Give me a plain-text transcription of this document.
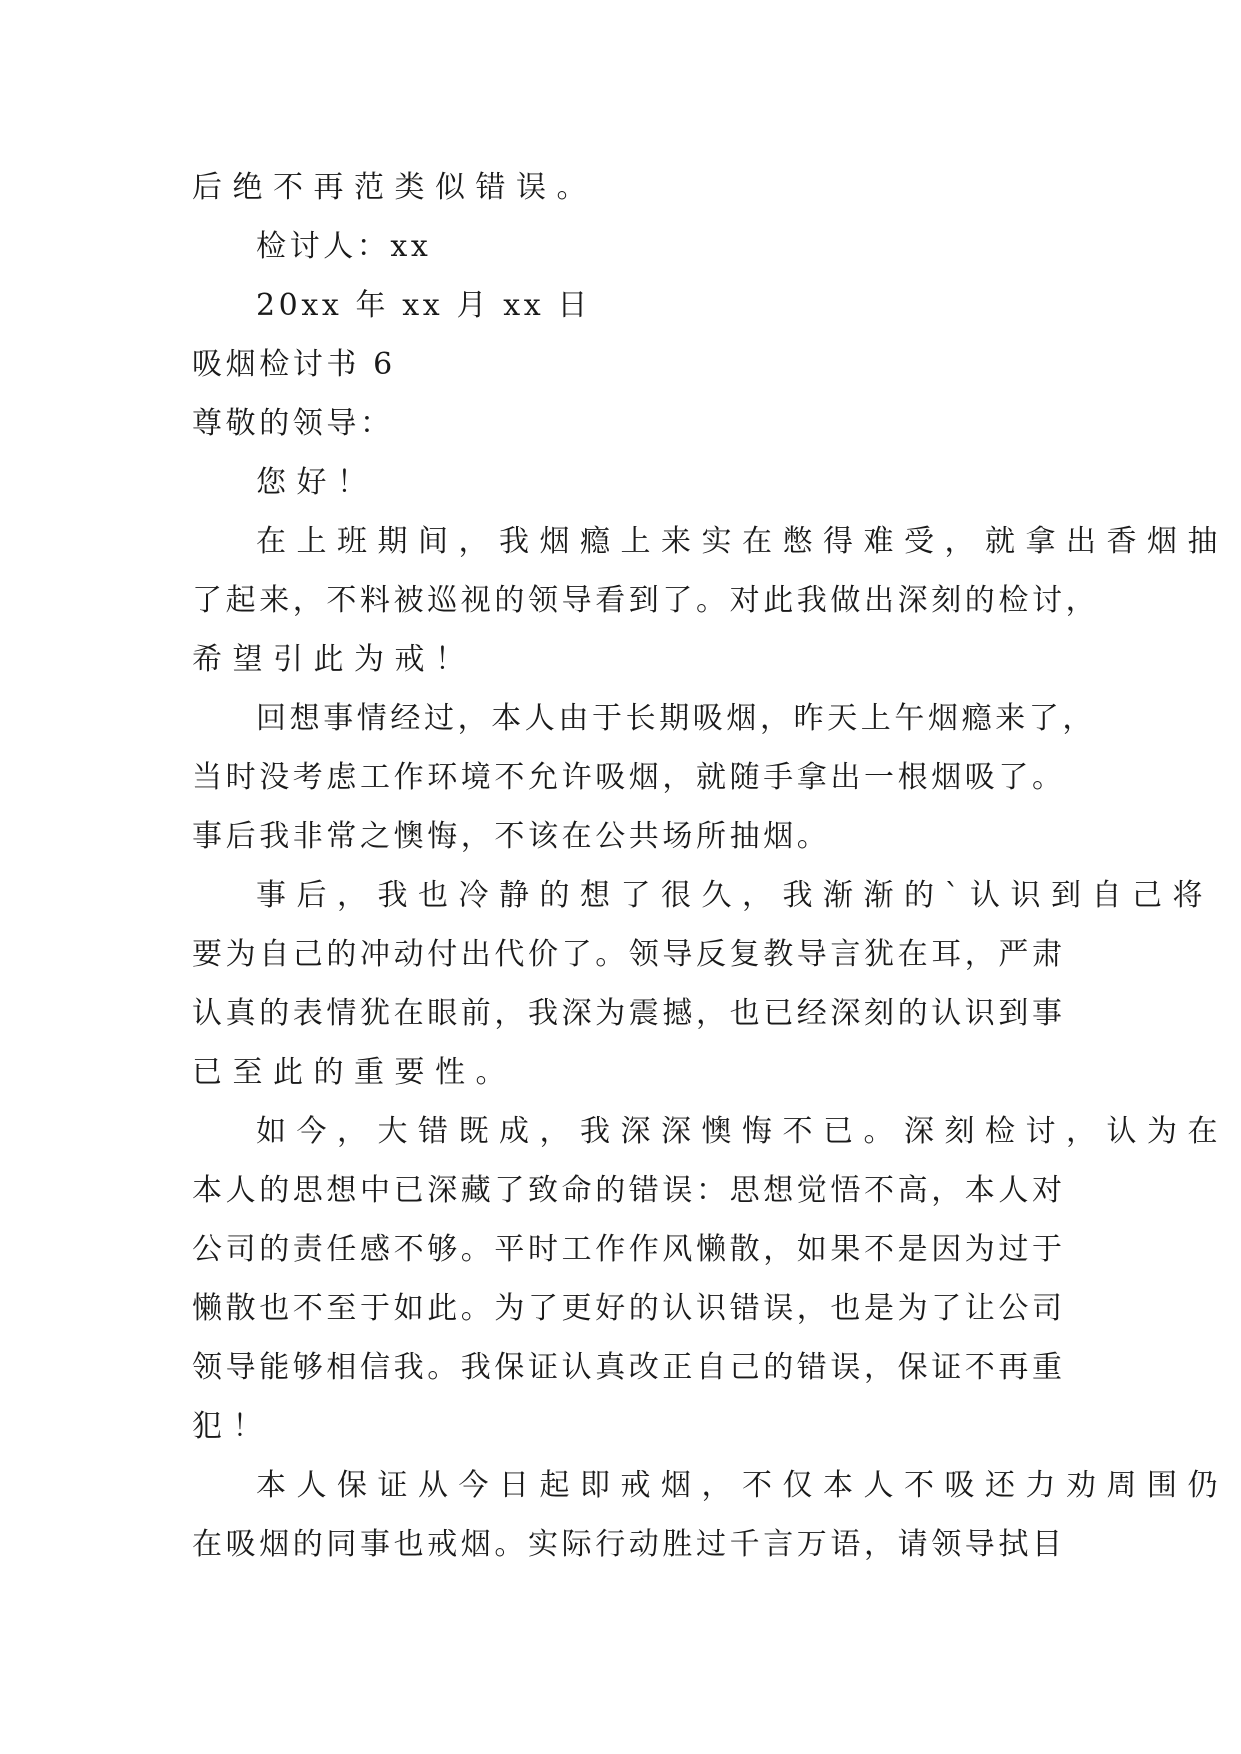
后绝不再范类似错误。
检讨人：xx
20xx 年 xx 月 xx 日
吸烟检讨书 6
尊敬的领导：
您好！
在上班期间，我烟瘾上来实在憋得难受，就拿出香烟抽
了起来，不料被巡视的领导看到了。对此我做出深刻的检讨，
希望引此为戒！
回想事情经过，本人由于长期吸烟，昨天上午烟瘾来了，
当时没考虑工作环境不允许吸烟，就随手拿出一根烟吸了。
事后我非常之懊悔，不该在公共场所抽烟。
事后，我也冷静的想了很久，我渐渐的`认识到自己将
要为自己的冲动付出代价了。领导反复教导言犹在耳，严肃
认真的表情犹在眼前，我深为震撼，也已经深刻的认识到事
已至此的重要性。
如今，大错既成，我深深懊悔不已。深刻检讨，认为在
本人的思想中已深藏了致命的错误：思想觉悟不高，本人对
公司的责任感不够。平时工作作风懒散，如果不是因为过于
懒散也不至于如此。为了更好的认识错误，也是为了让公司
领导能够相信我。我保证认真改正自己的错误，保证不再重
犯！
本人保证从今日起即戒烟，不仅本人不吸还力劝周围仍
在吸烟的同事也戒烟。实际行动胜过千言万语，请领导拭目
